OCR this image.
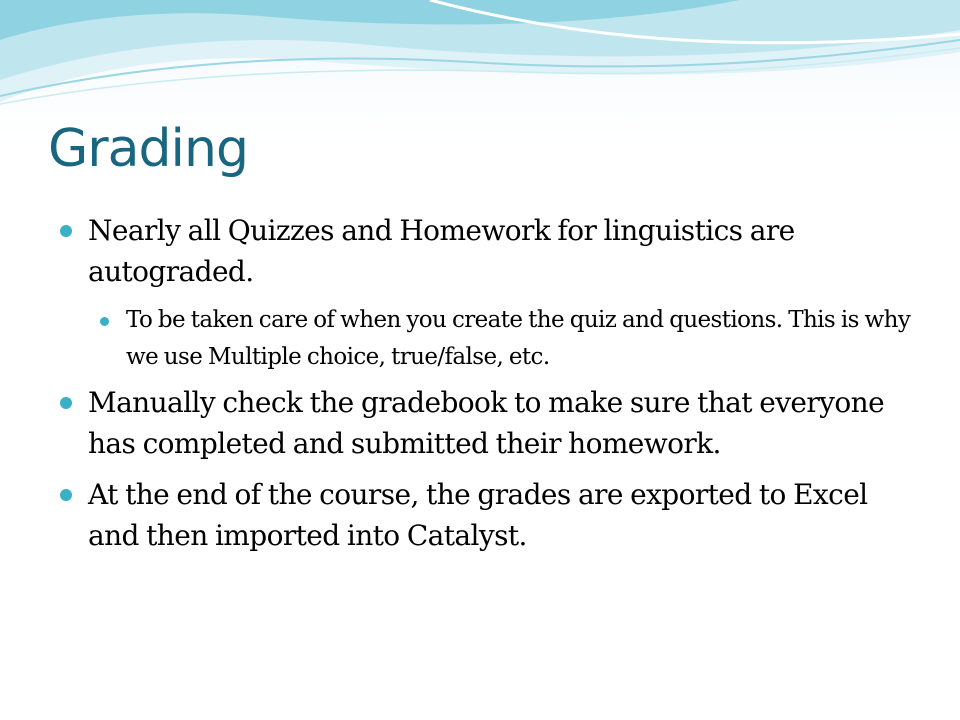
Grading
Nearly all Quizzes and Homework for linguistics are autograded.
To be taken care of when you create the quiz and questions. This is why we use Multiple choice, true/false, etc.
Manually check the gradebook to make sure that everyone has completed and submitted their homework.
At the end of the course, the grades are exported to Excel and then imported into Catalyst.
